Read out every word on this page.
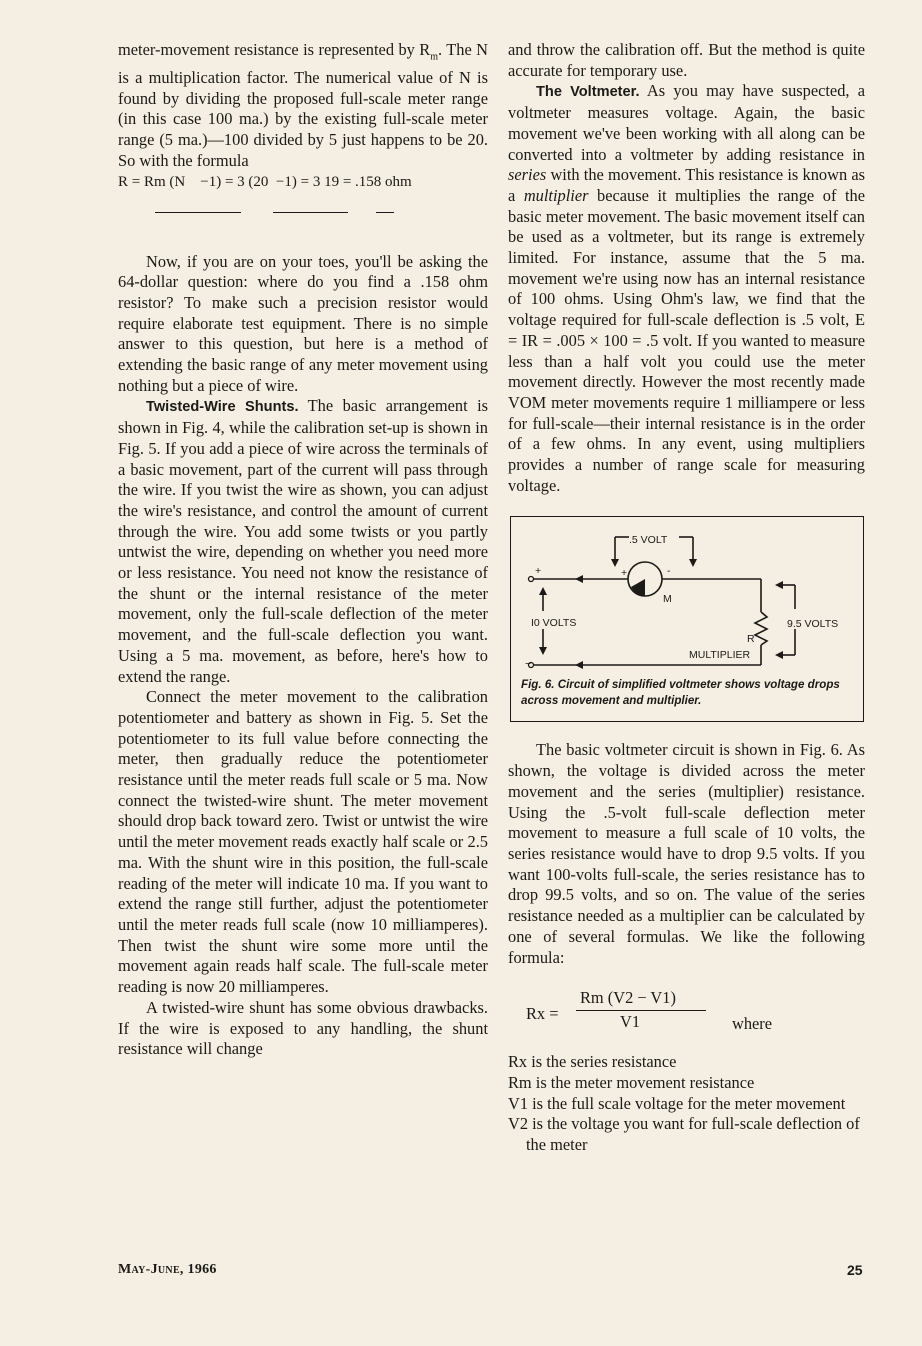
meter-movement resistance is represented by $R_m$. The N is a multiplication factor. The numerical value of N is found by dividing the proposed full-scale meter range (in this case 100 ma.) by the existing full-scale meter range (5 ma.)—100 divided by 5 just happens to be 20. So with the formula

R = Rm (N    −1) = 3 (20  −1) = 3 19 = .158 ohm

Now, if you are on your toes, you'll be asking the 64-dollar question: where do you find a .158 ohm resistor? To make such a precision resistor would require elaborate test equipment. There is no simple answer to this question, but here is a method of extending the basic range of any meter movement using nothing but a piece of wire.

Twisted-Wire Shunts. The basic arrangement is shown in Fig. 4, while the calibration set-up is shown in Fig. 5. If you add a piece of wire across the terminals of a basic movement, part of the current will pass through the wire. If you twist the wire as shown, you can adjust the wire's resistance, and control the amount of current through the wire. You add some twists or you partly untwist the wire, depending on whether you need more or less resistance. You need not know the resistance of the shunt or the internal resistance of the meter movement, only the full-scale deflection of the meter movement, and the full-scale deflection you want. Using a 5 ma. movement, as before, here's how to extend the range.

Connect the meter movement to the calibration potentiometer and battery as shown in Fig. 5. Set the potentiometer to its full value before connecting the meter, then gradually reduce the potentiometer resistance until the meter reads full scale or 5 ma. Now connect the twisted-wire shunt. The meter movement should drop back toward zero. Twist or untwist the wire until the meter movement reads exactly half scale or 2.5 ma. With the shunt wire in this position, the full-scale reading of the meter will indicate 10 ma. If you want to extend the range still further, adjust the potentiometer until the meter reads full scale (now 10 milliamperes). Then twist the shunt wire some more until the movement again reads half scale. The full-scale meter reading is now 20 milliamperes.

A twisted-wire shunt has some obvious drawbacks. If the wire is exposed to any handling, the shunt resistance will change

and throw the calibration off. But the method is quite accurate for temporary use.

The Voltmeter. As you may have suspected, a voltmeter measures voltage. Again, the basic movement we've been working with all along can be converted into a voltmeter by adding resistance in series with the movement. This resistance is known as a multiplier because it multiplies the range of the basic meter movement. The basic movement itself can be used as a voltmeter, but its range is extremely limited. For instance, assume that the 5 ma. movement we're using now has an internal resistance of 100 ohms. Using Ohm's law, we find that the voltage required for full-scale deflection is .5 volt, E = IR = .005 × 100 = .5 volt. If you wanted to measure less than a half volt you could use the meter movement directly. However the most recently made VOM meter movements require 1 milliampere or less for full-scale—their internal resistance is in the order of a few ohms. In any event, using multipliers provides a number of range scale for measuring voltage.

.5 VOLT
+	+	-
M
I0 VOLTS	9.5 VOLTS
R
MULTIPLIER
−
Fig. 6. Circuit of simplified voltmeter shows voltage drops across movement and multiplier.

The basic voltmeter circuit is shown in Fig. 6. As shown, the voltage is divided across the meter movement and the series (multiplier) resistance. Using the .5-volt full-scale deflection meter movement to measure a full scale of 10 volts, the series resistance would have to drop 9.5 volts. If you want 100-volts full-scale, the series resistance has to drop 99.5 volts, and so on. The value of the series resistance needed as a multiplier can be calculated by one of several formulas. We like the following formula:

Rx =
Rm (V2 − V1)
V1	where
Rx is the series resistance
Rm is the meter movement resistance
V1 is the full scale voltage for the meter movement
V2 is the voltage you want for full-scale deflection of the meter
May-June, 1966	25
